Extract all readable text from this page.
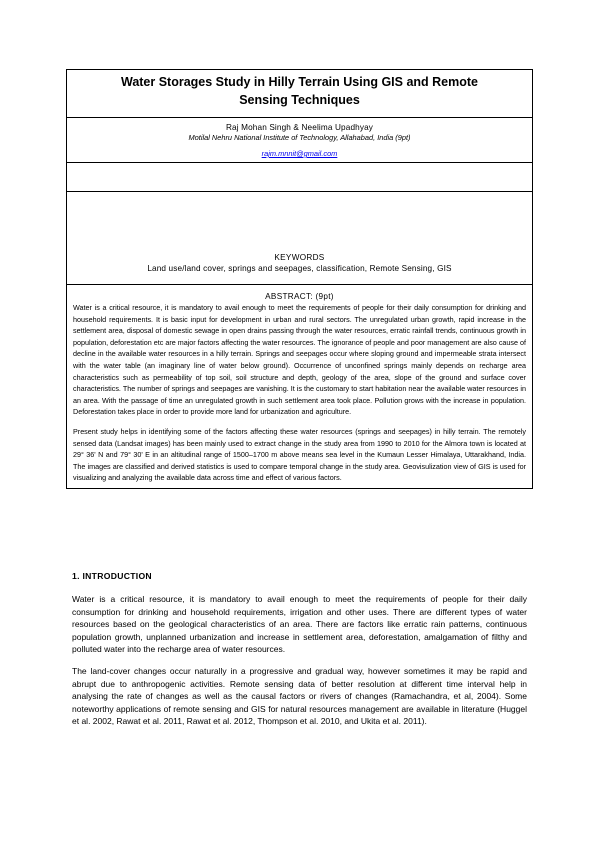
Water Storages Study in Hilly Terrain Using GIS and Remote Sensing Techniques
Raj Mohan Singh & Neelima Upadhyay
Motilal Nehru National Institute of Technology, Allahabad, India (9pt)
rajm.mnnit@gmail.com
KEYWORDS
Land use/land cover, springs and seepages, classification, Remote Sensing, GIS
ABSTRACT: (9pt)

Water is a critical resource, it is mandatory to avail enough to meet the requirements of people for their daily consumption for drinking and household requirements. It is basic input for development in urban and rural sectors. The unregulated urban growth, rapid increase in the settlement area, disposal of domestic sewage in open drains passing through the water resources, erratic rainfall trends, continuous growth in population, deforestation etc are major factors affecting the water resources. The ignorance of people and poor management are also cause of decline in the available water resources in a hilly terrain. Springs and seepages occur where sloping ground and impermeable strata intersect with the water table (an imaginary line of water below ground). Occurrence of unconfined springs mainly depends on recharge area characteristics such as permeability of top soil, soil structure and depth, geology of the area, slope of the ground and surface cover characteristics. The number of springs and seepages are vanishing. It is the customary to start habitation near the available water resources in an area. With the passage of time an unregulated growth in such settlement area took place. Pollution grows with the increase in population. Deforestation takes place in order to provide more land for urbanization and agriculture.

Present study helps in identifying some of the factors affecting these water resources (springs and seepages) in hilly terrain. The remotely sensed data (Landsat images) has been mainly used to extract change in the study area from 1990 to 2010 for the Almora town is located at 29° 36' N and 79° 30' E in an altitudinal range of 1500–1700 m above means sea level in the Kumaun Lesser Himalaya, Uttarakhand, India. The images are classified and derived statistics is used to compare temporal change in the study area. Geovisulization view of GIS is used for visualizing and analyzing the available data across time and effect of various factors.

1. INTRODUCTION

Water is a critical resource, it is mandatory to avail enough to meet the requirements of people for their daily consumption for drinking and household requirements, irrigation and other uses. There are different types of water resources based on the geological characteristics of an area. There are factors like erratic rain patterns, continuous population growth, unplanned urbanization and increase in settlement area, deforestation, amalgamation of filthy and polluted water into the recharge area of water resources.

The land-cover changes occur naturally in a progressive and gradual way, however sometimes it may be rapid and abrupt due to anthropogenic activities. Remote sensing data of better resolution at different time interval help in analysing the rate of changes as well as the causal factors or rivers of changes (Ramachandra, et al, 2004). Some noteworthy applications of remote sensing and GIS for natural resources management are available in literature (Huggel et al. 2002, Rawat et al. 2011, Rawat et al. 2012, Thompson et al. 2010, and Ukita et al. 2011).
